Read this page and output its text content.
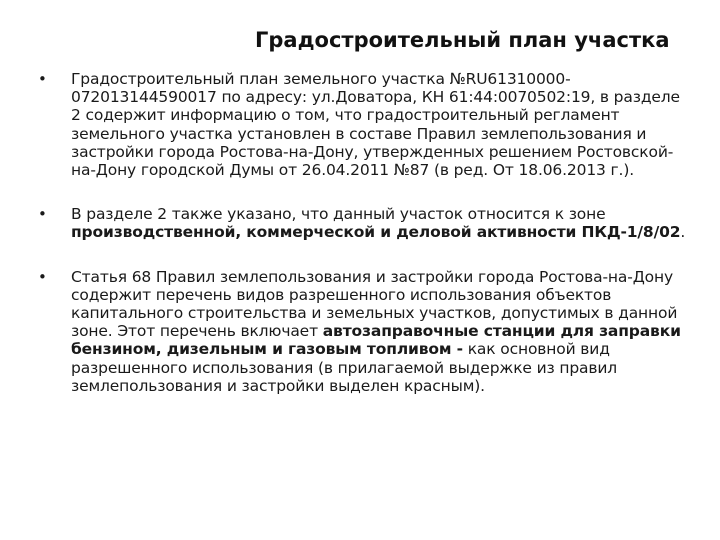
Градостроительный план участка
• Градостроительный план земельного участка №RU61310000-072013144590017 по адресу: ул.Доватора, КН 61:44:0070502:19, в разделе 2 содержит информацию о том, что градостроительный регламент земельного участка установлен в составе Правил землепользования и застройки города Ростова-на-Дону, утвержденных решением Ростовской-на-Дону городской Думы от 26.04.2011 №87 (в ред. От 18.06.2013 г.).
• В разделе 2 также указано, что данный участок относится к зоне производственной, коммерческой и деловой активности ПКД-1/8/02.
• Статья 68 Правил землепользования и застройки города Ростова-на-Дону содержит перечень видов разрешенного использования объектов капитального строительства и земельных участков, допустимых в данной зоне. Этот перечень включает автозаправочные станции для заправки бензином, дизельным и газовым топливом - как основной вид разрешенного использования (в прилагаемой выдержке из правил землепользования и застройки выделен красным).
